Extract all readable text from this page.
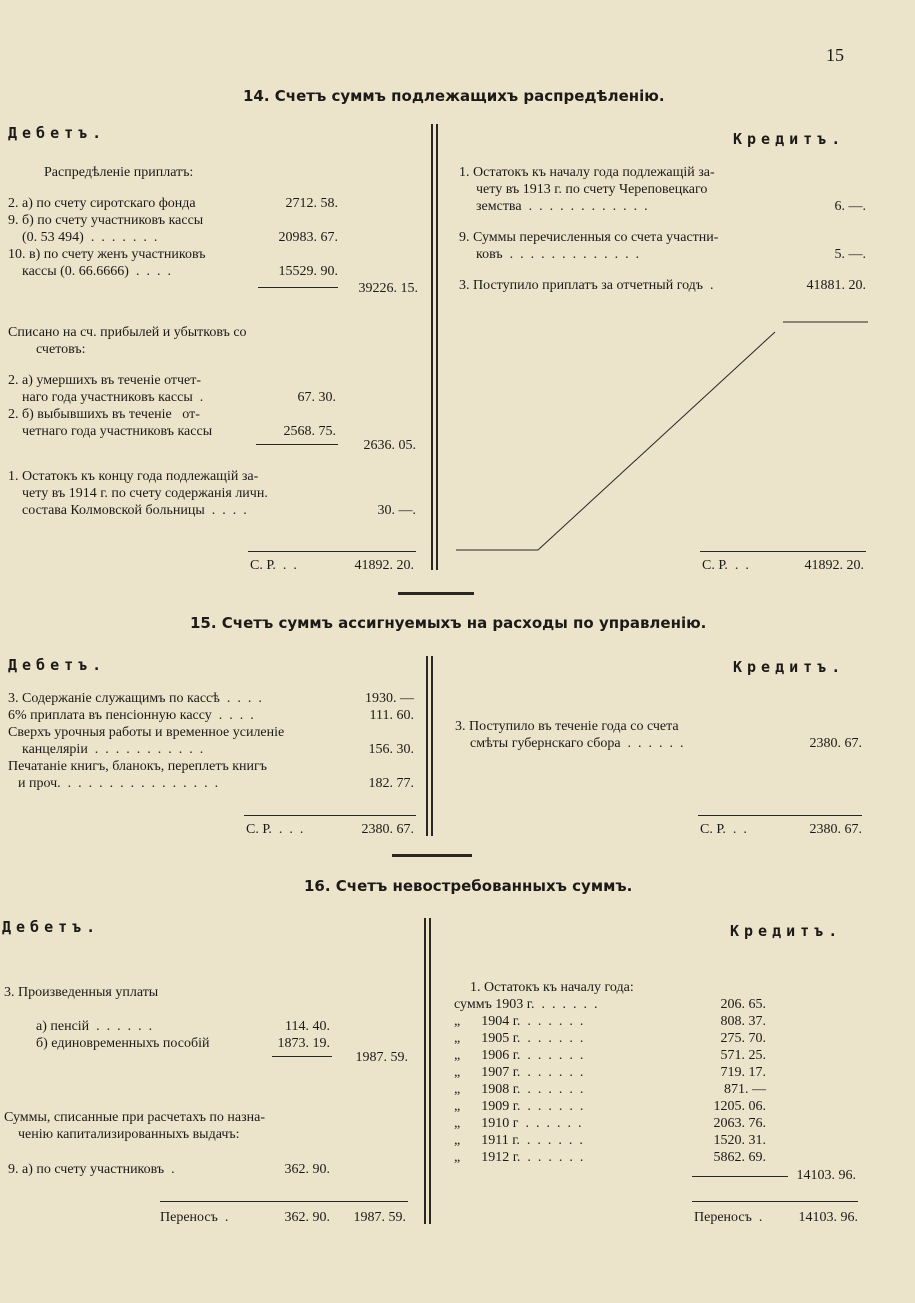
15
14. Счетъ суммъ подлежащихъ распредѣленію.
Дебетъ.	Кредитъ.
Распредѣленіе приплатъ:
2. а) по счету сиротскаго фонда	2712. 58.
9. б) по счету участниковъ кассы
(0. 53 494)  .  .  .  .  .  .  .	20983. 67.
10. в) по счету женъ участниковъ
кассы (0. 66.6666)  .  .  .  .	15529. 90.
39226. 15.
Списано на сч. прибылей и убытковъ со
счетовъ:
2. а) умершихъ въ теченіе отчет-
наго года участниковъ кассы  .	67. 30.
2. б) выбывшихъ въ теченіе   от-
четнаго года участниковъ кассы	2568. 75.
2636. 05.
1. Остатокъ къ концу года подлежащій за-
чету въ 1914 г. по счету содержанія личн.
состава Колмовской больницы  .  .  .  .	30. —.
С. Р.  .  .	41892. 20.
1. Остатокъ къ началу года подлежащій за-
чету въ 1913 г. по счету Череповецкаго
земства  .  .  .  .  .  .  .  .  .  .  .  .	6. —.
9. Суммы перечисленныя со счета участни-
ковъ  .  .  .  .  .  .  .  .  .  .  .  .  .	5. —.
3. Поступило приплатъ за отчетный годъ  .	41881. 20.
С. Р.  .  .	41892. 20.
15. Счетъ суммъ ассигнуемыхъ на расходы по управленію.
Дебетъ.	Кредитъ.
3. Содержаніе служащимъ по кассѣ  .  .  .  .	1930. —
6% приплата въ пенсіонную кассу  .  .  .  .	111. 60.
Сверхъ урочныя работы и временное усиленіе
канцеляріи  .  .  .  .  .  .  .  .  .  .  .	156. 30.
Печатаніе книгъ, бланокъ, переплетъ книгъ
и проч.  .  .  .  .  .  .  .  .  .  .  .  .  .  .  .	182. 77.
С. Р.  .  .  .	2380. 67.
3. Поступило въ теченіе года со счета
смѣты губернскаго сбора  .  .  .  .  .  .	2380. 67.
С. Р.  .  .	2380. 67.
16. Счетъ невостребованныхъ суммъ.
Дебетъ.	Кредитъ.
3. Произведенныя уплаты
а) пенсій  .  .  .  .  .  .	114. 40.
б) единовременныхъ пособій	1873. 19.
1987. 59.
Суммы, списанные при расчетахъ по назна-
ченію капитализированныхъ выдачъ:
9. а) по счету участниковъ  .	362. 90.
Переносъ  .	362. 90.	1987. 59.
1. Остатокъ къ началу года:
суммъ 1903 г.  .  .  .  .  .  .	206. 65.
„      1904 г.  .  .  .  .  .  .	808. 37.
„      1905 г.  .  .  .  .  .  .	275. 70.
„      1906 г.  .  .  .  .  .  .	571. 25.
„      1907 г.  .  .  .  .  .  .	719. 17.
„      1908 г.  .  .  .  .  .  .	871. —
„      1909 г.  .  .  .  .  .  .	1205. 06.
„      1910 г  .  .  .  .  .  .	2063. 76.
„      1911 г.  .  .  .  .  .  .	1520. 31.
„      1912 г.  .  .  .  .  .  .	5862. 69.
14103. 96.
Переносъ  .	14103. 96.
